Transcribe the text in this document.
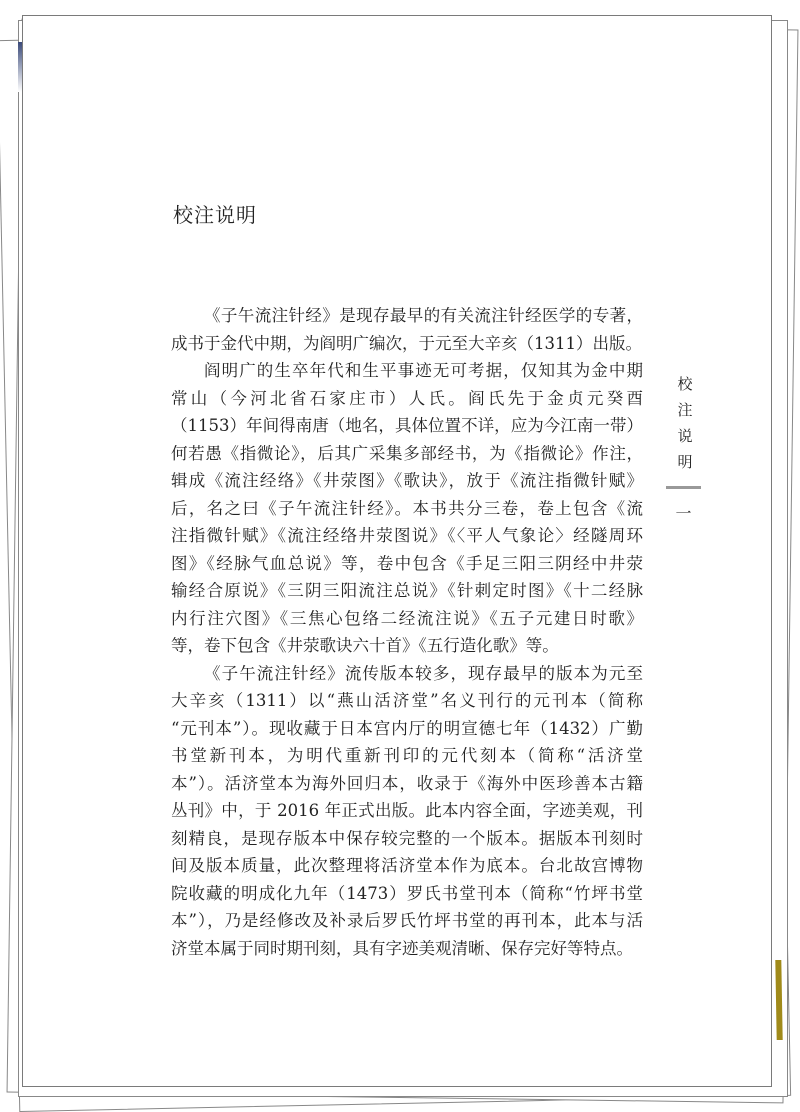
校注说明
《子午流注针经》是现存最早的有关流注针经医学的专著，
成书于金代中期，为阎明广编次，于元至大辛亥（1311）出版。
阎明广的生卒年代和生平事迹无可考据，仅知其为金中期
常山（今河北省石家庄市）人氏。阎氏先于金贞元癸酉
（1153）年间得南唐（地名，具体位置不详，应为今江南一带）
何若愚《指微论》，后其广采集多部经书，为《指微论》作注，
辑成《流注经络》《井荥图》《歌诀》，放于《流注指微针赋》
后，名之曰《子午流注针经》。本书共分三卷，卷上包含《流
注指微针赋》《流注经络井荥图说》《〈平人气象论〉经隧周环
图》《经脉气血总说》等，卷中包含《手足三阳三阴经中井荥
输经合原说》《三阴三阳流注总说》《针刺定时图》《十二经脉
内行注穴图》《三焦心包络二经流注说》《五子元建日时歌》
等，卷下包含《井荥歌诀六十首》《五行造化歌》等。
《子午流注针经》流传版本较多，现存最早的版本为元至
大辛亥（1311）以“燕山活济堂”名义刊行的元刊本（简称
“元刊本”）。现收藏于日本宫内厅的明宣德七年（1432）广勤
书堂新刊本，为明代重新刊印的元代刻本（简称“活济堂
本”）。活济堂本为海外回归本，收录于《海外中医珍善本古籍
丛刊》中，于 2016 年正式出版。此本内容全面，字迹美观，刊
刻精良，是现存版本中保存较完整的一个版本。据版本刊刻时
间及版本质量，此次整理将活济堂本作为底本。台北故宫博物
院收藏的明成化九年（1473）罗氏书堂刊本（简称“竹坪书堂
本”），乃是经修改及补录后罗氏竹坪书堂的再刊本，此本与活
济堂本属于同时期刊刻，具有字迹美观清晰、保存完好等特点。
校
注
说
明
一
